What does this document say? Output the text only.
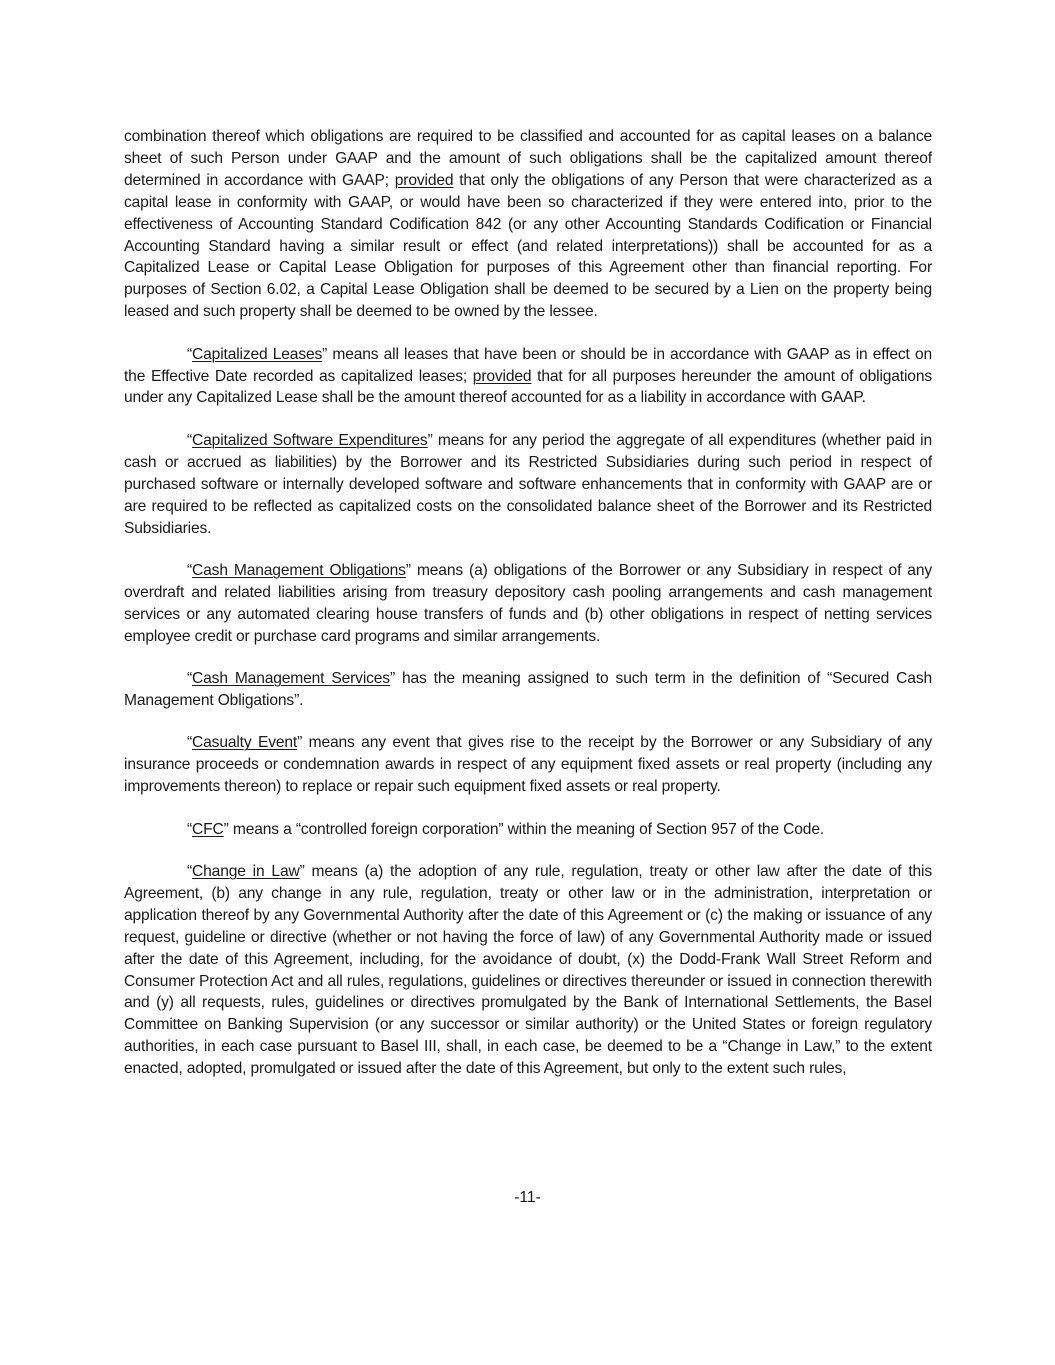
combination thereof which obligations are required to be classified and accounted for as capital leases on a balance sheet of such Person under GAAP and the amount of such obligations shall be the capitalized amount thereof determined in accordance with GAAP; provided that only the obligations of any Person that were characterized as a capital lease in conformity with GAAP, or would have been so characterized if they were entered into, prior to the effectiveness of Accounting Standard Codification 842 (or any other Accounting Standards Codification or Financial Accounting Standard having a similar result or effect (and related interpretations)) shall be accounted for as a Capitalized Lease or Capital Lease Obligation for purposes of this Agreement other than financial reporting. For purposes of Section 6.02, a Capital Lease Obligation shall be deemed to be secured by a Lien on the property being leased and such property shall be deemed to be owned by the lessee.

“Capitalized Leases” means all leases that have been or should be in accordance with GAAP as in effect on the Effective Date recorded as capitalized leases; provided that for all purposes hereunder the amount of obligations under any Capitalized Lease shall be the amount thereof accounted for as a liability in accordance with GAAP.

“Capitalized Software Expenditures” means for any period the aggregate of all expenditures (whether paid in cash or accrued as liabilities) by the Borrower and its Restricted Subsidiaries during such period in respect of purchased software or internally developed software and software enhancements that in conformity with GAAP are or are required to be reflected as capitalized costs on the consolidated balance sheet of the Borrower and its Restricted Subsidiaries.

“Cash Management Obligations” means (a) obligations of the Borrower or any Subsidiary in respect of any overdraft and related liabilities arising from treasury depository cash pooling arrangements and cash management services or any automated clearing house transfers of funds and (b) other obligations in respect of netting services employee credit or purchase card programs and similar arrangements.

“Cash Management Services” has the meaning assigned to such term in the definition of “Secured Cash Management Obligations”.

“Casualty Event” means any event that gives rise to the receipt by the Borrower or any Subsidiary of any insurance proceeds or condemnation awards in respect of any equipment fixed assets or real property (including any improvements thereon) to replace or repair such equipment fixed assets or real property.

“CFC” means a “controlled foreign corporation” within the meaning of Section 957 of the Code.

“Change in Law” means (a) the adoption of any rule, regulation, treaty or other law after the date of this Agreement, (b) any change in any rule, regulation, treaty or other law or in the administration, interpretation or application thereof by any Governmental Authority after the date of this Agreement or (c) the making or issuance of any request, guideline or directive (whether or not having the force of law) of any Governmental Authority made or issued after the date of this Agreement, including, for the avoidance of doubt, (x) the Dodd-Frank Wall Street Reform and Consumer Protection Act and all rules, regulations, guidelines or directives thereunder or issued in connection therewith and (y) all requests, rules, guidelines or directives promulgated by the Bank of International Settlements, the Basel Committee on Banking Supervision (or any successor or similar authority) or the United States or foreign regulatory authorities, in each case pursuant to Basel III, shall, in each case, be deemed to be a “Change in Law,” to the extent enacted, adopted, promulgated or issued after the date of this Agreement, but only to the extent such rules,

-11-
